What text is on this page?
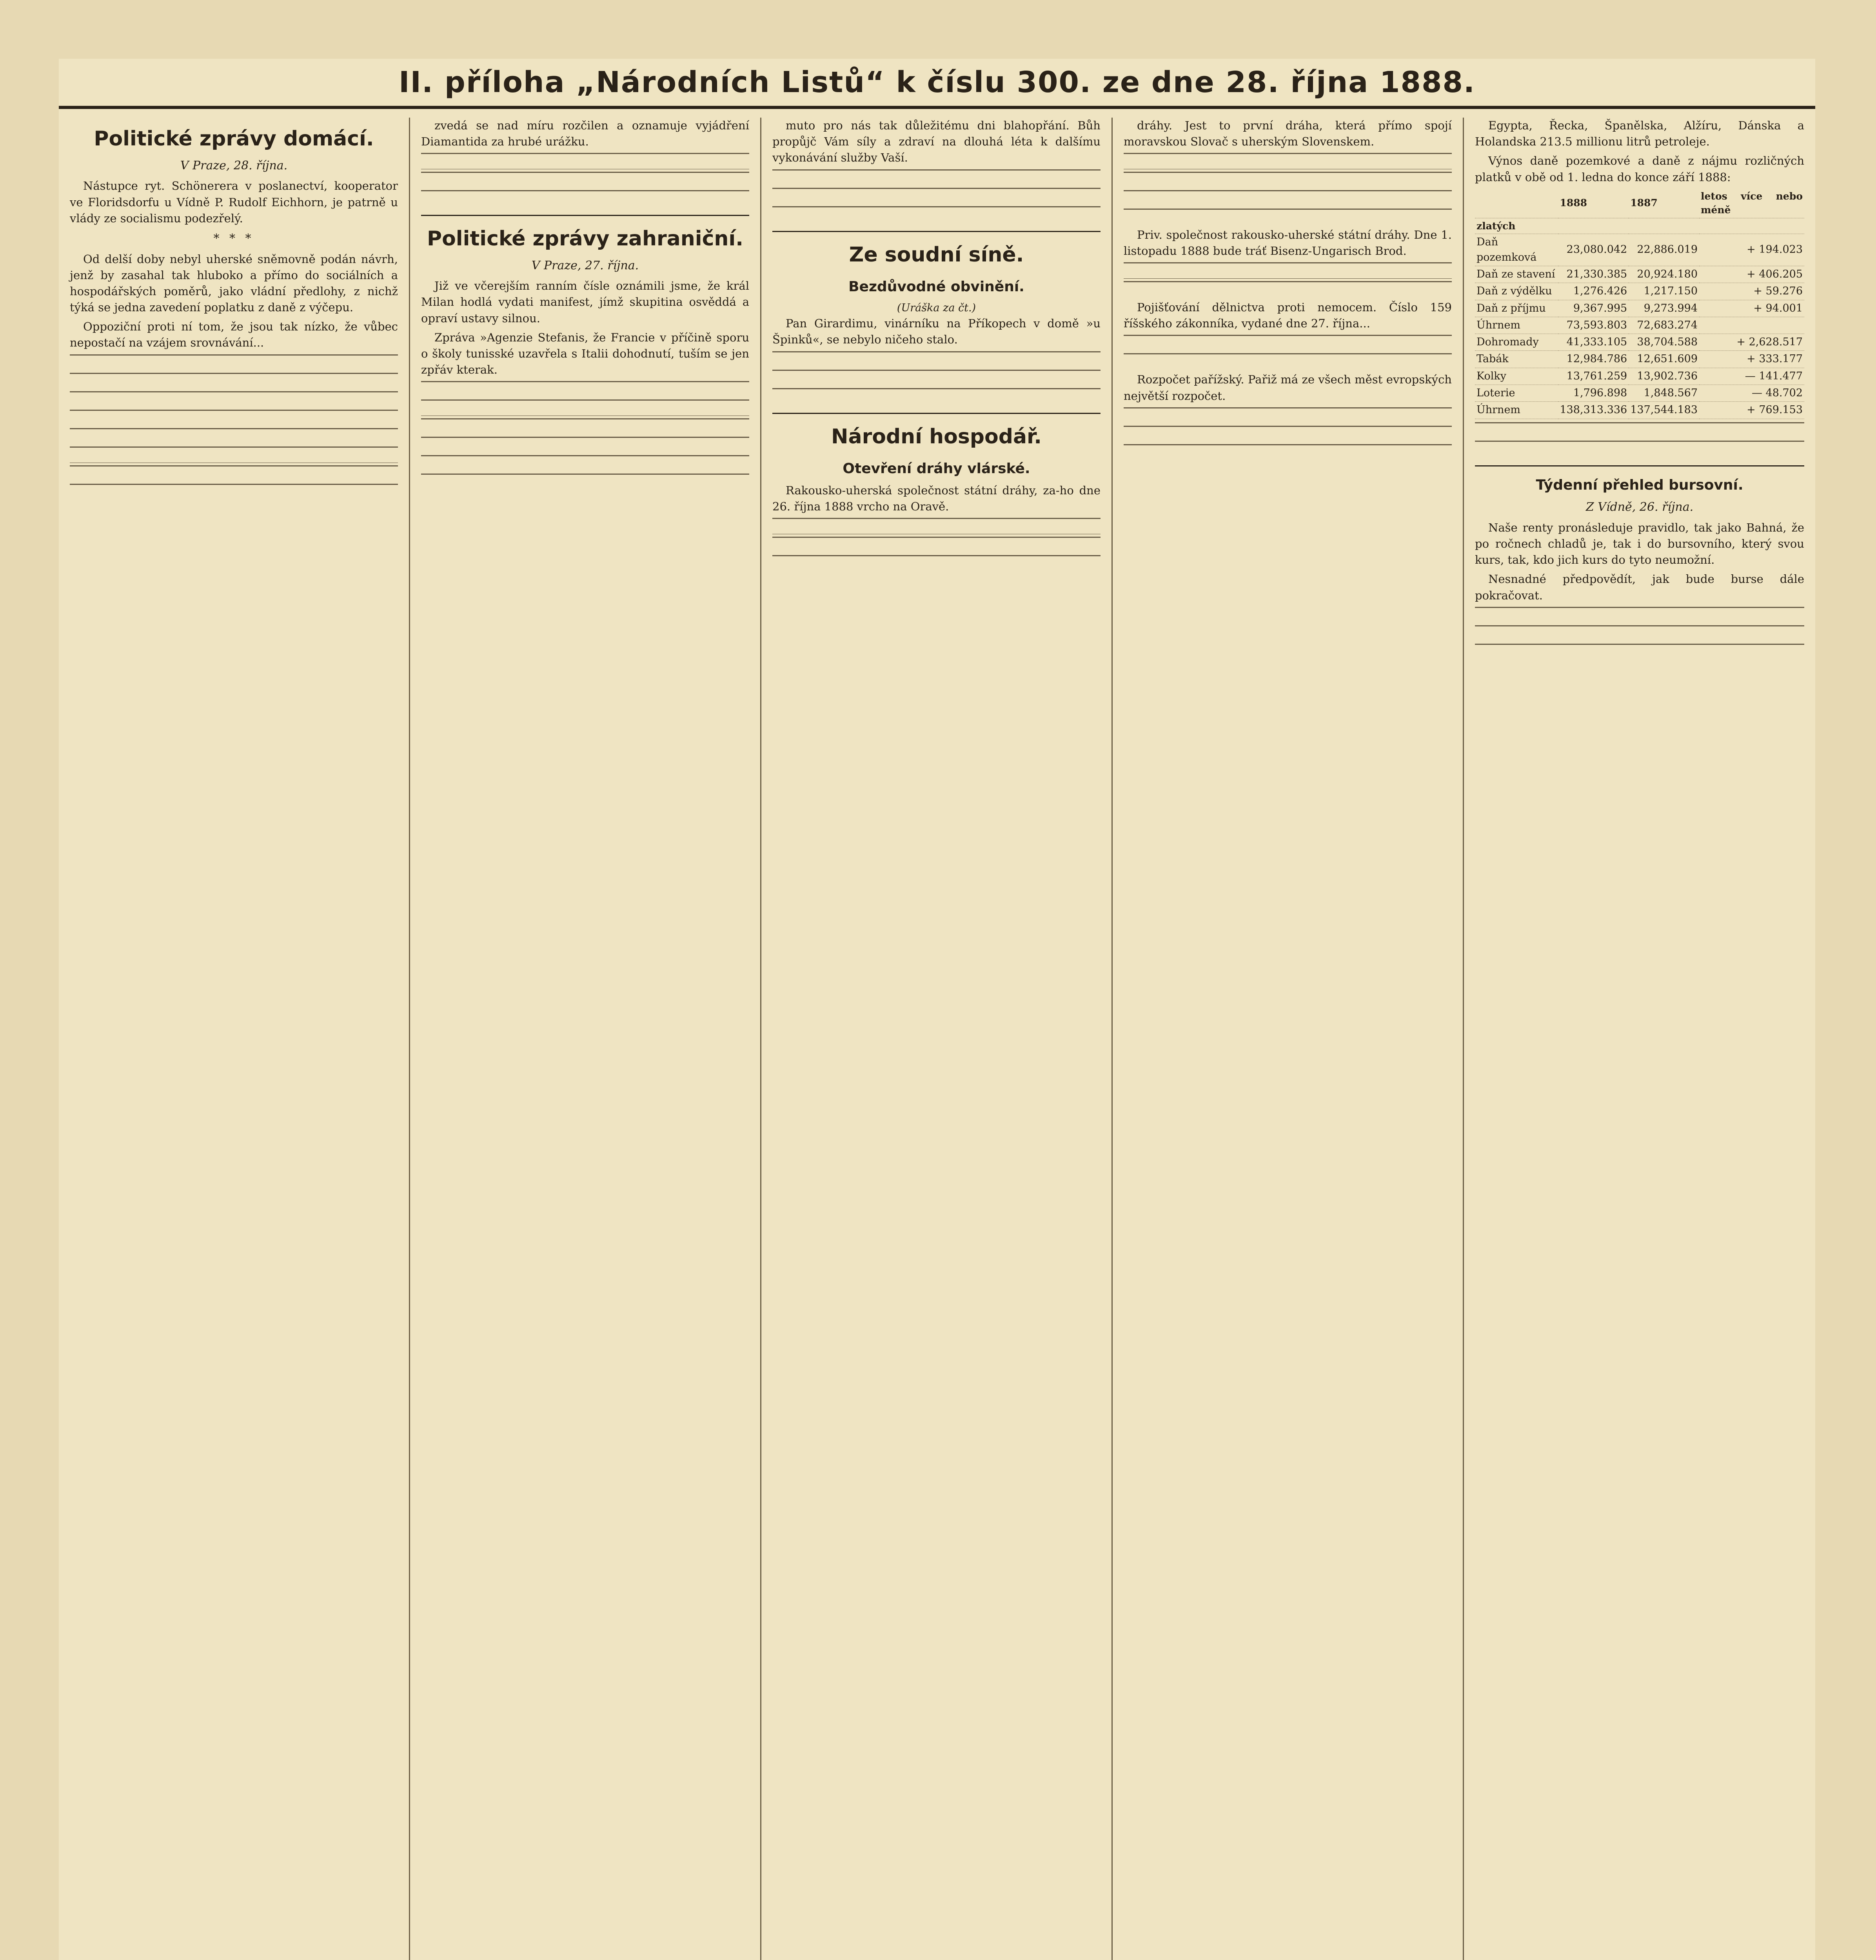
II. příloha „Národních Listů“ k číslu 300. ze dne 28. října 1888.
Politické zprávy domácí.
V Praze, 28. října.

Nástupce ryt. Schönerera v poslanectví, kooperator ve Floridsdorfu u Vídně P. Rudolf Eichhorn, je patrně u vlády ze socialismu podezřelý.

* * *

Od delší doby nebyl uherské sněmovně podán návrh, jenž by zasahal tak hluboko a přímo do sociálních a hospodářských poměrů, jako vládní předlohy, z nichž týká se jedna zavedení poplatku z daně z výčepu.

Oppoziční proti ní tom, že jsou tak nízko, že vůbec nepostačí na vzájem srovnávání...

zvedá se nad míru rozčilen a oznamuje vyjádření Diamantida za hrubé urážku.

Politické zprávy zahraniční.
V Praze, 27. října.

Již ve včerejším ranním čísle oznámili jsme, že král Milan hodlá vydati manifest, jímž skupitina osvěddá a opraví ustavy silnou.

Zpráva »Agenzie Stefanis, že Francie v příčině sporu o školy tunisské uzavřela s Italii dohodnutí, tuším se jen zpřáv kterak.

muto pro nás tak důležitému dni blahopřání. Bůh propůjč Vám síly a zdraví na dlouhá léta k dalšímu vykonávání služby Vaší.

Ze soudní síně.
Bezdůvodné obvinění.
(Uráška za čt.)

Pan Girardimu, vinárníku na Příkopech v domě »u Špinků«, se nebylo ničeho stalo.

Národní hospodář.
Otevření dráhy vlárské.

Rakousko-uherská společnost státní dráhy, za-ho dne 26. října 1888 vrcho na Oravě.

dráhy. Jest to první dráha, která přímo spojí moravskou Slovač s uherským Slovenskem.

Priv. společnost rakousko-uherské státní dráhy. Dne 1. listopadu 1888 bude tráť Bisenz-Ungarisch Brod.

Pojišťování dělnictva proti nemocem. Číslo 159 říšského zákonníka, vydané dne 27. října...

Rozpočet pařížský. Pařiž má ze všech měst evropských největší rozpočet.

Egypta, Řecka, Španělska, Alžíru, Dánska a Holandska 213.5 millionu litrů petroleje.

Výnos daně pozemkové a daně z nájmu rozličných platků v obě od 1. ledna do konce září 1888:

	1888	1887	letos více nebo méně
zlatých			
Daň pozemková	23,080.042	22,886.019	+ 194.023
Daň ze stavení	21,330.385	20,924.180	+ 406.205
Daň z výdělku	1,276.426	1,217.150	+ 59.276
Daň z příjmu	9,367.995	9,273.994	+ 94.001
Úhrnem	73,593.803	72,683.274	
Dohromady	41,333.105	38,704.588	+ 2,628.517
Tabák	12,984.786	12,651.609	+ 333.177
Kolky	13,761.259	13,902.736	— 141.477
Loterie	1,796.898	1,848.567	— 48.702
Úhrnem	138,313.336	137,544.183	+ 769.153

Týdenní přehled bursovní.
Z Vídně, 26. října.

Naše renty pronásleduje pravidlo, tak jako Bahná, že po ročnech chladů je, tak i do bursovního, který svou kurs, tak, kdo jich kurs do tyto neumožní.

Nesnadné předpovědít, jak bude burse dále pokračovat.
